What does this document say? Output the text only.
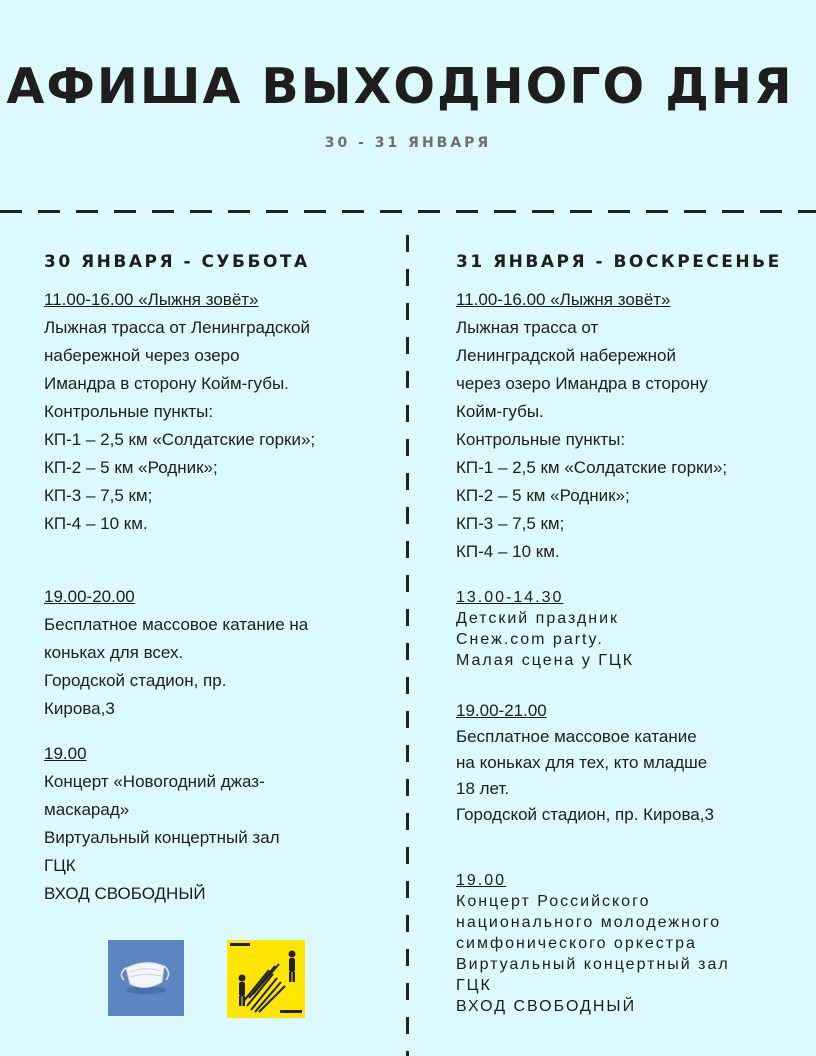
АФИША ВЫХОДНОГО ДНЯ
30 - 31 ЯНВАРЯ
30 ЯНВАРЯ - СУББОТА
11.00-16.00 «Лыжня зовёт»
Лыжная трасса от Ленинградской
набережной через озеро
Имандра в сторону Койм-губы.
Контрольные пункты:
КП-1 – 2,5 км «Солдатские горки»;
КП-2 – 5 км «Родник»;
КП-3 – 7,5 км;
КП-4 – 10 км.
19.00-20.00
Бесплатное массовое катание на
коньках для всех.
Городской стадион, пр.
Кирова,3
19.00
Концерт «Новогодний джаз-
маскарад»
Виртуальный концертный зал
ГЦК
ВХОД СВОБОДНЫЙ
31 ЯНВАРЯ - ВОСКРЕСЕНЬЕ
11.00-16.00 «Лыжня зовёт»
Лыжная трасса от
Ленинградской набережной
через озеро Имандра в сторону
Койм-губы.
Контрольные пункты:
КП-1 – 2,5 км «Солдатские горки»;
КП-2 – 5 км «Родник»;
КП-3 – 7,5 км;
КП-4 – 10 км.
13.00-14.30
Детский праздник
Снеж.com party.
Малая сцена у ГЦК
19.00-21.00
Бесплатное массовое катание
на коньках для тех, кто младше
18 лет.
Городской стадион, пр. Кирова,3
19.00
Концерт Российского
национального молодежного
симфонического оркестра
Виртуальный концертный зал
ГЦК
ВХОД СВОБОДНЫЙ
